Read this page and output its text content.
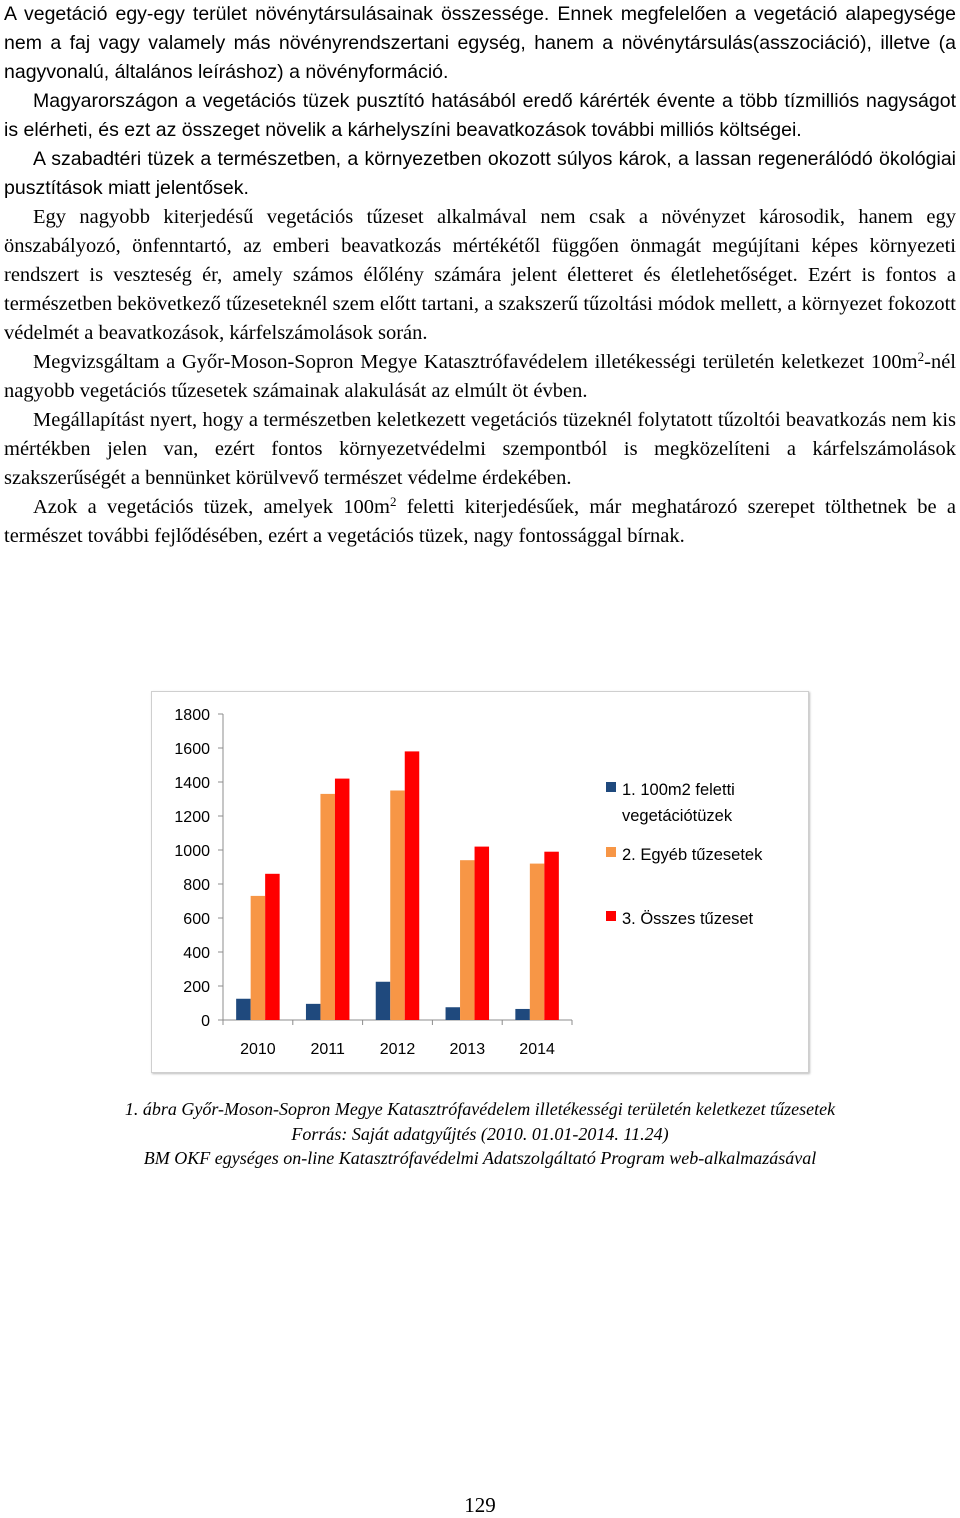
A vegetáció egy-egy terület növénytársulásainak összessége. Ennek megfelelően a vegetáció alapegysége nem a faj vagy valamely más növényrendszertani egység, hanem a növénytársulás(asszociáció), illetve (a nagyvonalú, általános leíráshoz) a növényformáció.

Magyarországon a vegetációs tüzek pusztító hatásából eredő kárérték évente a több tízmilliós nagyságot is elérheti, és ezt az összeget növelik a kárhelyszíni beavatkozások további milliós költségei.

A szabadtéri tüzek a természetben, a környezetben okozott súlyos károk, a lassan regenerálódó ökológiai pusztítások miatt jelentősek.

Egy nagyobb kiterjedésű vegetációs tűzeset alkalmával nem csak a növényzet károsodik, hanem egy önszabályozó, önfenntartó, az emberi beavatkozás mértékétől függően önmagát megújítani képes környezeti rendszert is veszteség ér, amely számos élőlény számára jelent életteret és életlehetőséget. Ezért is fontos a természetben bekövetkező tűzeseteknél szem előtt tartani, a szakszerű tűzoltási módok mellett, a környezet fokozott védelmét a beavatkozások, kárfelszámolások során.

Megvizsgáltam a Győr-Moson-Sopron Megye Katasztrófavédelem illetékességi területén keletkezet $100m^2$-nél nagyobb vegetációs tűzesetek számainak alakulását az elmúlt öt évben.

Megállapítást nyert, hogy a természetben keletkezett vegetációs tüzeknél folytatott tűzoltói beavatkozás nem kis mértékben jelen van, ezért fontos környezetvédelmi szempontból is megközelíteni a kárfelszámolások szakszerűségét a bennünket körülvevő természet védelme érdekében.

Azok a vegetációs tüzek, amelyek $100m^2$ feletti kiterjedésűek, már meghatározó szerepet tölthetnek be a természet további fejlődésében, ezért a vegetációs tüzek, nagy fontossággal bírnak.

0
200
400
600
800
1000
1200
1400
1600
1800
2010 2011 2012 2013 2014
1. 100m2 feletti
vegetációtüzek
2. Egyéb tűzesetek
3. Összes tűzeset
1. ábra Győr-Moson-Sopron Megye Katasztrófavédelem illetékességi területén keletkezet tűzesetek
Forrás: Saját adatgyűjtés (2010. 01.01-2014. 11.24)
BM OKF egységes on-line Katasztrófavédelmi Adatszolgáltató Program web-alkalmazásával
129
